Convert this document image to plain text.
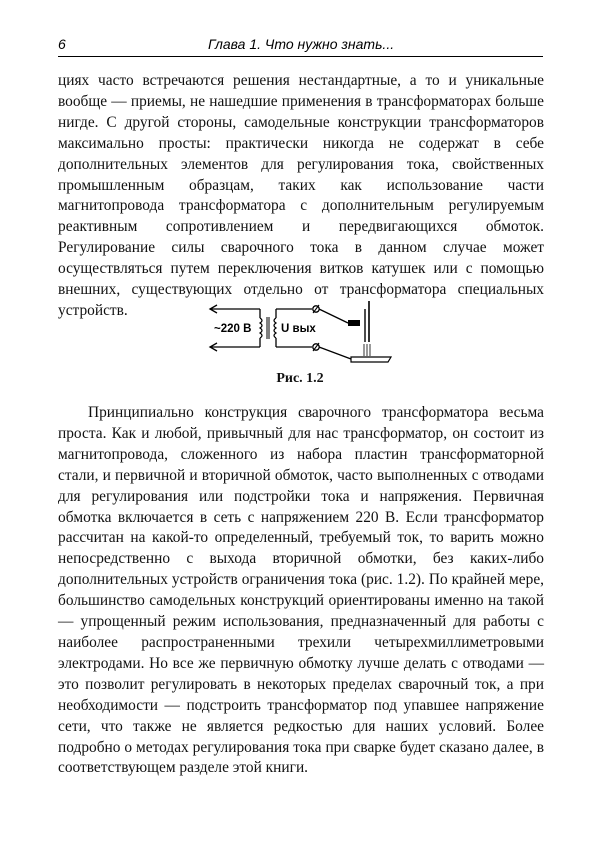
6	Глава 1. Что нужно знать...

циях часто встречаются решения нестандартные, а то и уникальные вообще — приемы, не нашедшие применения в трансформаторах больше нигде. С другой стороны, самодельные конструкции трансформаторов максимально просты: практически никогда не содержат в себе дополнительных элементов для регулирования тока, свойственных промышленным образцам, таких как использование части магнитопровода трансформатора с дополнительным регулируемым реактивным сопротивлением и передвигающихся обмоток. Регулирование силы сварочного тока в данном случае может осуществляться путем переключения витков катушек или с помощью внешних, существующих отдельно от трансформатора специальных устройств.

~220 В	U вых
Рис. 1.2

Принципиально конструкция сварочного трансформатора весьма проста. Как и любой, привычный для нас трансформатор, он состоит из магнитопровода, сложенного из набора пластин трансформаторной стали, и первичной и вторичной обмоток, часто выполненных с отводами для регулирования или подстройки тока и напряжения. Первичная обмотка включается в сеть с напряжением 220 В. Если трансформатор рассчитан на какой-то определенный, требуемый ток, то варить можно непосредственно с выхода вторичной обмотки, без каких-либо дополнительных устройств ограничения тока (рис. 1.2). По крайней мере, большинство самодельных конструкций ориентированы именно на такой — упрощенный режим использования, предназначенный для работы с наиболее распространенными трехили четырехмиллиметровыми электродами. Но все же первичную обмотку лучше делать с отводами — это позволит регулировать в некоторых пределах сварочный ток, а при необходимости — подстроить трансформатор под упавшее напряжение сети, что также не является редкостью для наших условий. Более подробно о методах регулирования тока при сварке будет сказано далее, в соответствующем разделе этой книги.
